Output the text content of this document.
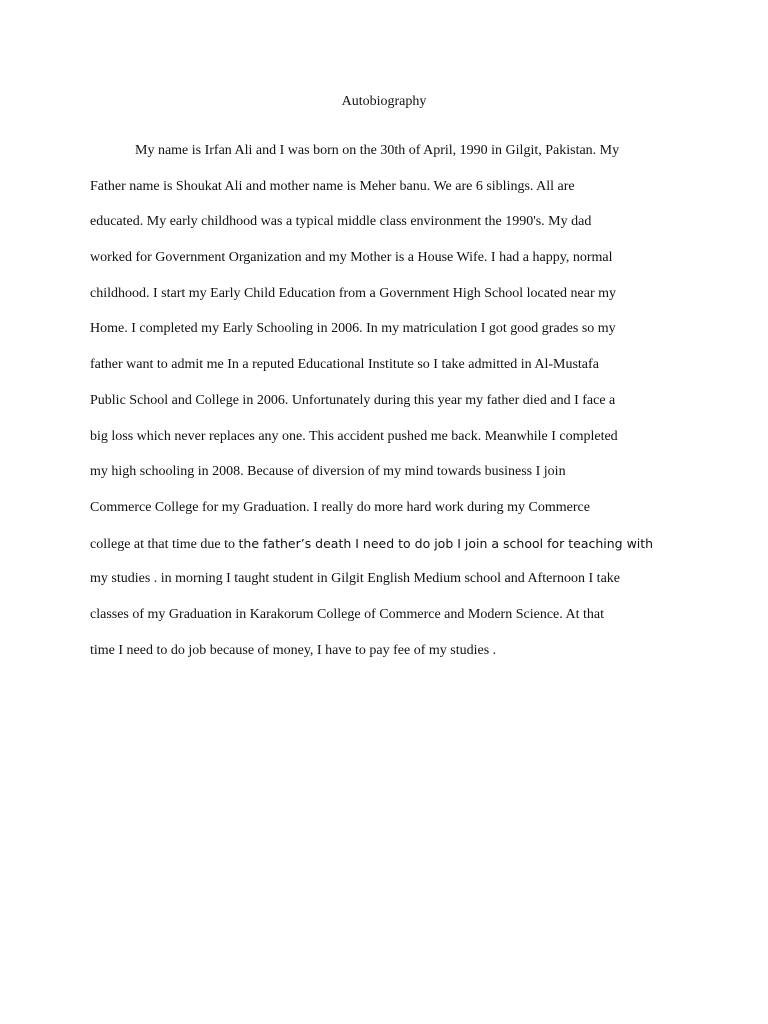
Autobiography
My name is Irfan Ali and I was born on the 30th of April, 1990 in Gilgit, Pakistan. My
Father name is Shoukat Ali and mother name is Meher banu. We are 6 siblings. All are
educated. My early childhood was a typical middle class environment the 1990's. My dad
worked for Government Organization and my Mother is a House Wife. I had a happy, normal
childhood. I start my Early Child Education from a Government High School located near my
Home. I completed my Early Schooling in 2006. In my matriculation I got good grades so my
father want to admit me In a reputed Educational Institute so I take admitted in Al-Mustafa
Public School and College in 2006. Unfortunately during this year my father died and I face a
big loss which never replaces any one. This accident pushed me back. Meanwhile I completed
my high schooling in 2008. Because of diversion of my mind towards business I join
Commerce College for my Graduation. I really do more hard work during my Commerce
college at that time due to the father’s death I need to do job I join a school for teaching with
my studies . in morning I taught student in Gilgit English Medium school and Afternoon I take
classes of my Graduation in Karakorum College of Commerce and Modern Science. At that
time I need to do job because of money, I have to pay fee of my studies .
